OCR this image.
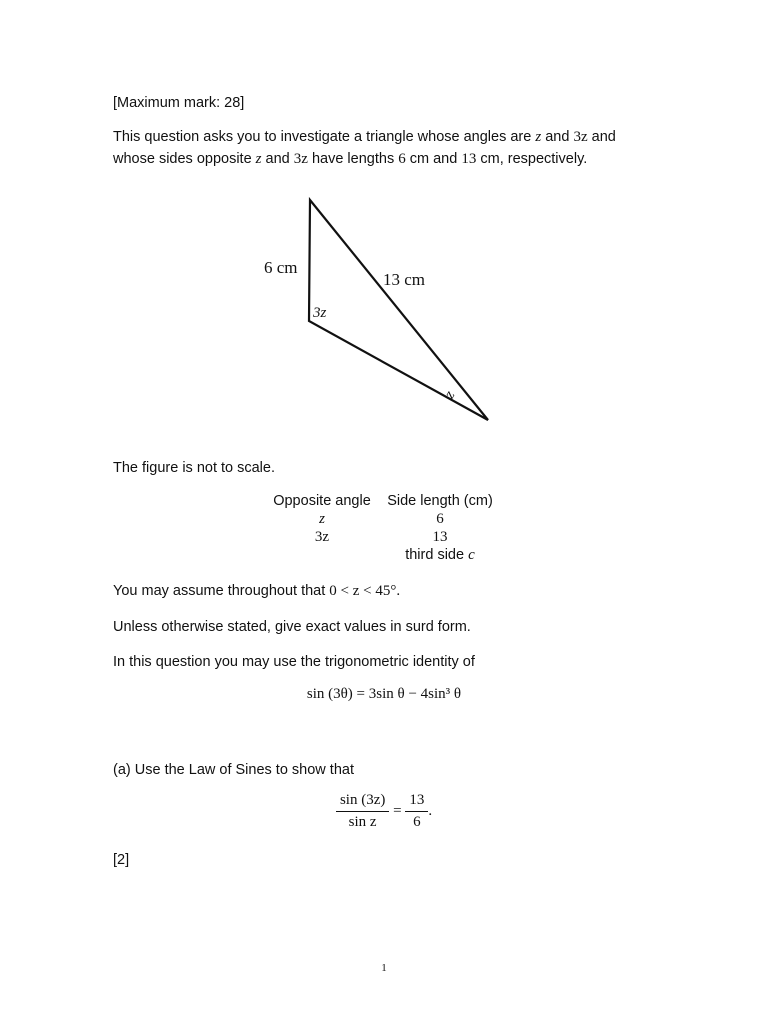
[Maximum mark: 28]

This question asks you to investigate a triangle whose angles are z and 3z and

whose sides opposite z and 3z have lengths 6 cm and 13 cm, respectively.

6 cm
13 cm
3z
z

The figure is not to scale.

Opposite angle	Side length (cm)
z	6
3z	13
	third side c

You may assume throughout that 0 < z < 45°.

Unless otherwise stated, give exact values in surd form.

In this question you may use the trigonometric identity of

sin (3θ) = 3sin θ − 4sin³ θ

(a) Use the Law of Sines to show that

$\frac{\sin (3z)}{\text{sin z}} = \frac{13}{6}$ .

[2]

1
